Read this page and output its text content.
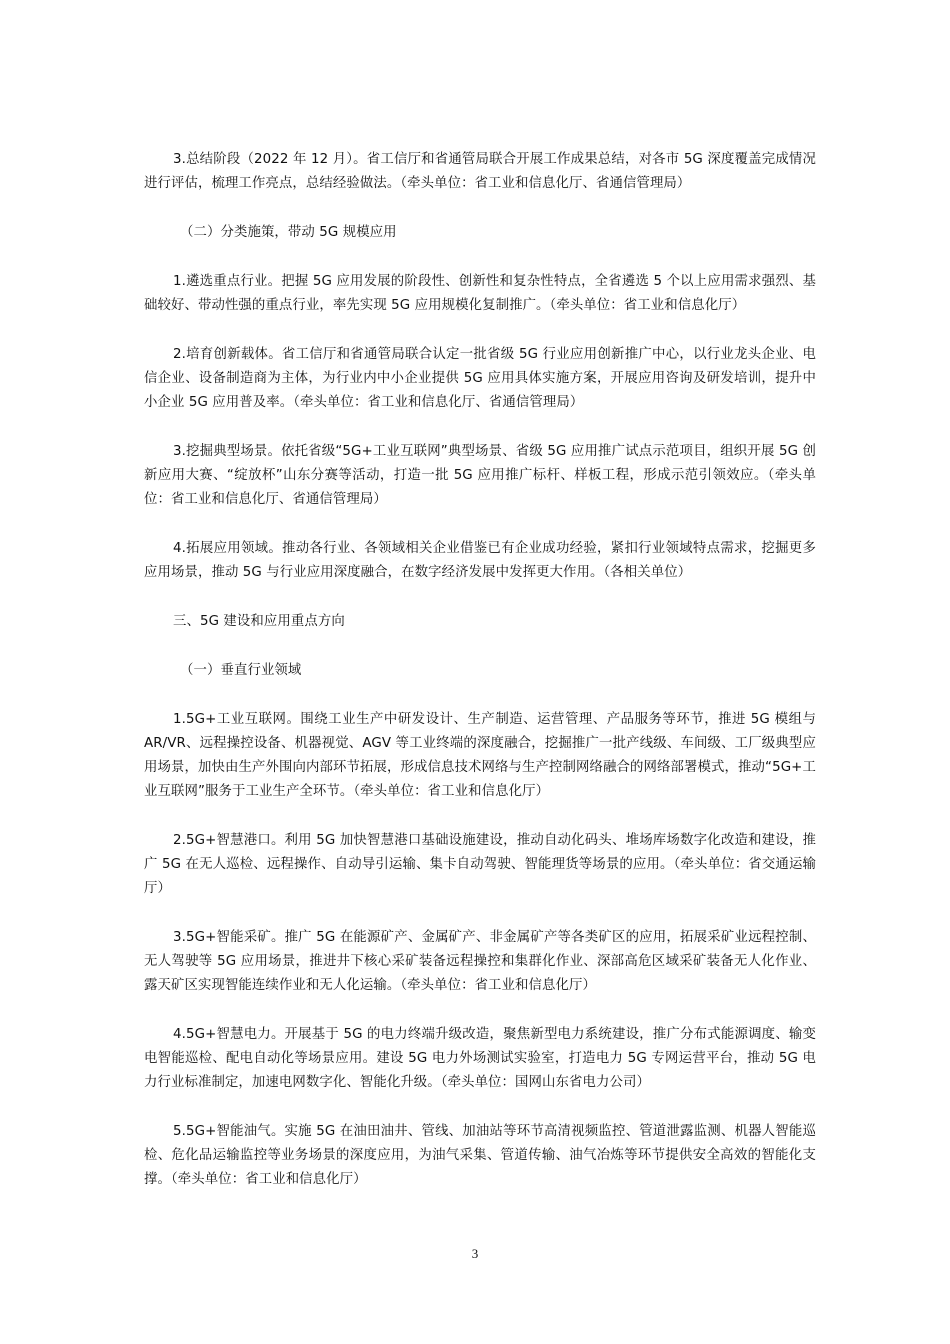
3.总结阶段（2022 年 12 月）。省工信厅和省通管局联合开展工作成果总结，对各市 5G 深度覆盖完成情况进行评估，梳理工作亮点，总结经验做法。（牵头单位：省工业和信息化厅、省通信管理局）

（二）分类施策，带动 5G 规模应用

1.遴选重点行业。把握 5G 应用发展的阶段性、创新性和复杂性特点，全省遴选 5 个以上应用需求强烈、基础较好、带动性强的重点行业，率先实现 5G 应用规模化复制推广。（牵头单位：省工业和信息化厅）

2.培育创新载体。省工信厅和省通管局联合认定一批省级 5G 行业应用创新推广中心，以行业龙头企业、电信企业、设备制造商为主体，为行业内中小企业提供 5G 应用具体实施方案，开展应用咨询及研发培训，提升中小企业 5G 应用普及率。（牵头单位：省工业和信息化厅、省通信管理局）

3.挖掘典型场景。依托省级“5G+工业互联网”典型场景、省级 5G 应用推广试点示范项目，组织开展 5G 创新应用大赛、“绽放杯”山东分赛等活动，打造一批 5G 应用推广标杆、样板工程，形成示范引领效应。（牵头单位：省工业和信息化厅、省通信管理局）

4.拓展应用领域。推动各行业、各领域相关企业借鉴已有企业成功经验，紧扣行业领域特点需求，挖掘更多应用场景，推动 5G 与行业应用深度融合，在数字经济发展中发挥更大作用。（各相关单位）

三、5G 建设和应用重点方向

（一）垂直行业领域

1.5G+工业互联网。围绕工业生产中研发设计、生产制造、运营管理、产品服务等环节，推进 5G 模组与 AR/VR、远程操控设备、机器视觉、AGV 等工业终端的深度融合，挖掘推广一批产线级、车间级、工厂级典型应用场景，加快由生产外围向内部环节拓展，形成信息技术网络与生产控制网络融合的网络部署模式，推动“5G+工业互联网”服务于工业生产全环节。（牵头单位：省工业和信息化厅）

2.5G+智慧港口。利用 5G 加快智慧港口基础设施建设，推动自动化码头、堆场库场数字化改造和建设，推广 5G 在无人巡检、远程操作、自动导引运输、集卡自动驾驶、智能理货等场景的应用。（牵头单位：省交通运输厅）

3.5G+智能采矿。推广 5G 在能源矿产、金属矿产、非金属矿产等各类矿区的应用，拓展采矿业远程控制、无人驾驶等 5G 应用场景，推进井下核心采矿装备远程操控和集群化作业、深部高危区域采矿装备无人化作业、露天矿区实现智能连续作业和无人化运输。（牵头单位：省工业和信息化厅）

4.5G+智慧电力。开展基于 5G 的电力终端升级改造，聚焦新型电力系统建设，推广分布式能源调度、输变电智能巡检、配电自动化等场景应用。建设 5G 电力外场测试实验室，打造电力 5G 专网运营平台，推动 5G 电力行业标准制定，加速电网数字化、智能化升级。（牵头单位：国网山东省电力公司）

5.5G+智能油气。实施 5G 在油田油井、管线、加油站等环节高清视频监控、管道泄露监测、机器人智能巡检、危化品运输监控等业务场景的深度应用，为油气采集、管道传输、油气冶炼等环节提供安全高效的智能化支撑。（牵头单位：省工业和信息化厅）

3
